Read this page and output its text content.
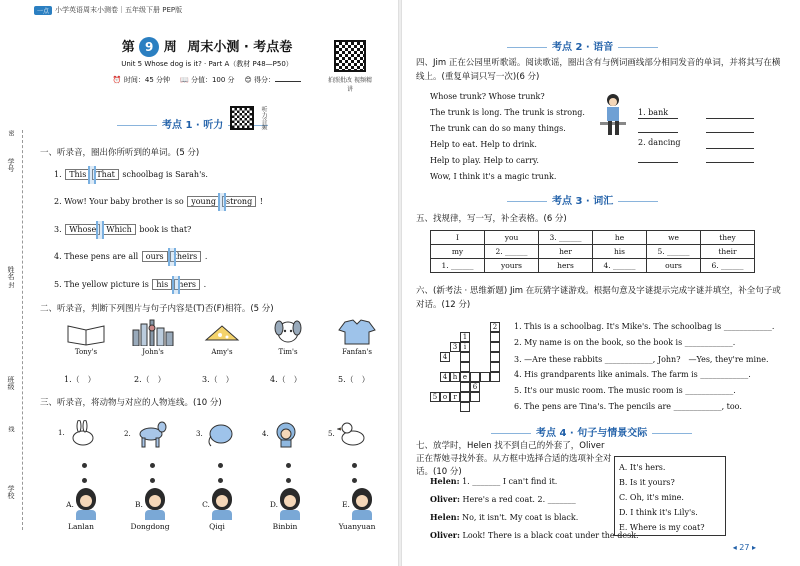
一点 小学英语周末小测卷｜五年级下册 PEP版
第 9 周 周末小测 · 考点卷
Unit 5 Whose dog is it? · Part A（教材 P48—P50）
⏰ 时间：45 分钟 📖 分值：100 分 😊 得分：	拍照批改 视频精讲
考点 1 · 听力	听力音频
学号
密
姓名
封
班级
线
学校
一、听录音，圈出你所听到的单词。(5 分)
1. This That schoolbag is Sarah's.
2. Wow! Your baby brother is so young strong !
3. Whose Which book is that?
4. These pens are all ours theirs .
5. The yellow picture is his hers .
二、听录音，判断下列图片与句子内容是(T)否(F)相符。(5 分)
Tony's	John's	Amy's	Tim's	Fanfan's
1.（　）	2.（　）	3.（　）	4.（　）	5.（　）
三、听录音，将动物与对应的人物连线。(10 分)
1.	2.	3.	4.	5.
A.
Lanlan
B.
Dongdong
C.
Qiqi
D.
Binbin
E.
Yuanyuan
考点 2 · 语音
四、Jim 正在公园里听歌谣。阅读歌谣，圈出含有与例词画线部分相同发音的单词，并将其写在横线上。(重复单词只写一次)(6 分)
Whose trunk? Whose trunk?
The trunk is long. The trunk is strong.
The trunk can do so many things.
Help to eat. Help to drink.
Help to play. Help to carry.
Wow, I think it's a magic trunk.
1. bank
2. dancing
考点 3 · 词汇
五、找规律，写一写，补全表格。(6 分)
I	you	3. ______	he	we	they
my	2. ______	her	his	5. ______	their
1. ______	yours	hers	4. ______	ours	6. ______
六、(新考法 · 思维新题) Jim 在玩猜字谜游戏。根据句意及字谜提示完成字谜并填空，补全句子或对话。(12 分)
1
i
2
3
4
4 h e
5 o r
6
1. This is a schoolbag. It's Mike's. The schoolbag is ____________.
2. My name is on the book, so the book is ____________.
3. —Are these rabbits ____________, John?　—Yes, they're mine.
4. His grandparents like animals. The farm is ____________.
5. It's our music room. The music room is ____________.
6. The pens are Tina's. The pencils are ____________, too.
考点 4 · 句子与情景交际
七、放学时，Helen 找不到自己的外套了，Oliver 正在帮她寻找外套。从方框中选择合适的选项补全对话。(10 分)
Helen: 1. _______ I can't find it.
Oliver: Here's a red coat. 2. _______
Helen: No, it isn't. My coat is black.
Oliver: Look! There is a black coat under the desk.
◂ 27 ▸
A. It's hers.
B. Is it yours?
C. Oh, it's mine.
D. I think it's Lily's.
E. Where is my coat?
